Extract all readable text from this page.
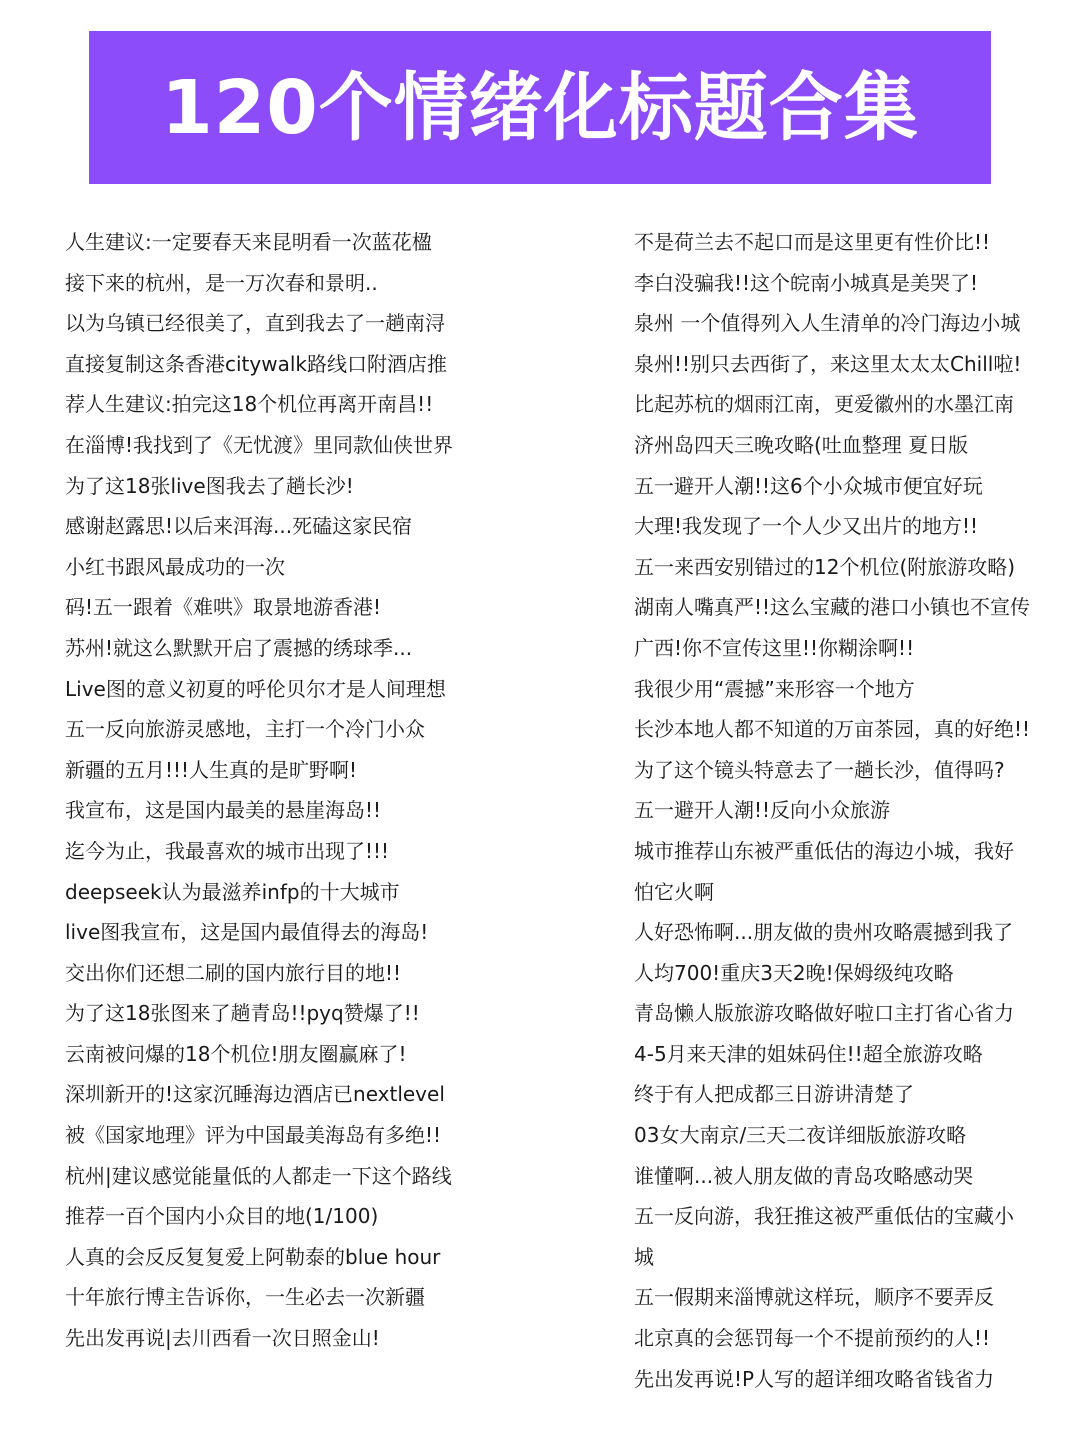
120个情绪化标题合集
人生建议:一定要春天来昆明看一次蓝花楹
接下来的杭州，是一万次春和景明..
以为乌镇已经很美了，直到我去了一趟南浔
直接复制这条香港citywalk路线口附酒店推
荐人生建议:拍完这18个机位再离开南昌!!
在淄博!我找到了《无忧渡》里同款仙侠世界
为了这18张live图我去了趟长沙!
感谢赵露思!以后来洱海...死磕这家民宿
小红书跟风最成功的一次
码!五一跟着《难哄》取景地游香港!
苏州!就这么默默开启了震撼的绣球季...
Live图的意义初夏的呼伦贝尔才是人间理想
五一反向旅游灵感地，主打一个冷门小众
新疆的五月!!!人生真的是旷野啊!
我宣布，这是国内最美的悬崖海岛!!
迄今为止，我最喜欢的城市出现了!!!
deepseek认为最滋养infp的十大城市
live图我宣布，这是国内最值得去的海岛!
交出你们还想二刷的国内旅行目的地!!
为了这18张图来了趟青岛!!pyq赞爆了!!
云南被问爆的18个机位!朋友圈赢麻了!
深圳新开的!这家沉睡海边酒店已nextlevel
被《国家地理》评为中国最美海岛有多绝!!
杭州|建议感觉能量低的人都走一下这个路线
推荐一百个国内小众目的地(1/100)
人真的会反反复复爱上阿勒泰的blue hour
十年旅行博主告诉你，一生必去一次新疆
先出发再说|去川西看一次日照金山!
不是荷兰去不起口而是这里更有性价比!!
李白没骗我!!这个皖南小城真是美哭了!
泉州 一个值得列入人生清单的冷门海边小城
泉州!!别只去西街了，来这里太太太Chill啦!
比起苏杭的烟雨江南，更爱徽州的水墨江南
济州岛四天三晚攻略(吐血整理 夏日版
五一避开人潮!!这6个小众城市便宜好玩
大理!我发现了一个人少又出片的地方!!
五一来西安别错过的12个机位(附旅游攻略)
湖南人嘴真严!!这么宝藏的港口小镇也不宣传
广西!你不宣传这里!!你糊涂啊!!
我很少用“震撼”来形容一个地方
长沙本地人都不知道的万亩茶园，真的好绝!!
为了这个镜头特意去了一趟长沙，值得吗?
五一避开人潮!!反向小众旅游
城市推荐山东被严重低估的海边小城，我好
怕它火啊
人好恐怖啊...朋友做的贵州攻略震撼到我了
人均700!重庆3天2晚!保姆级纯攻略
青岛懒人版旅游攻略做好啦口主打省心省力
4-5月来天津的姐妹码住!!超全旅游攻略
终于有人把成都三日游讲清楚了
03女大南京/三天二夜详细版旅游攻略
谁懂啊...被人朋友做的青岛攻略感动哭
五一反向游，我狂推这被严重低估的宝藏小
城
五一假期来淄博就这样玩，顺序不要弄反
北京真的会惩罚每一个不提前预约的人!!
先出发再说!P人写的超详细攻略省钱省力
